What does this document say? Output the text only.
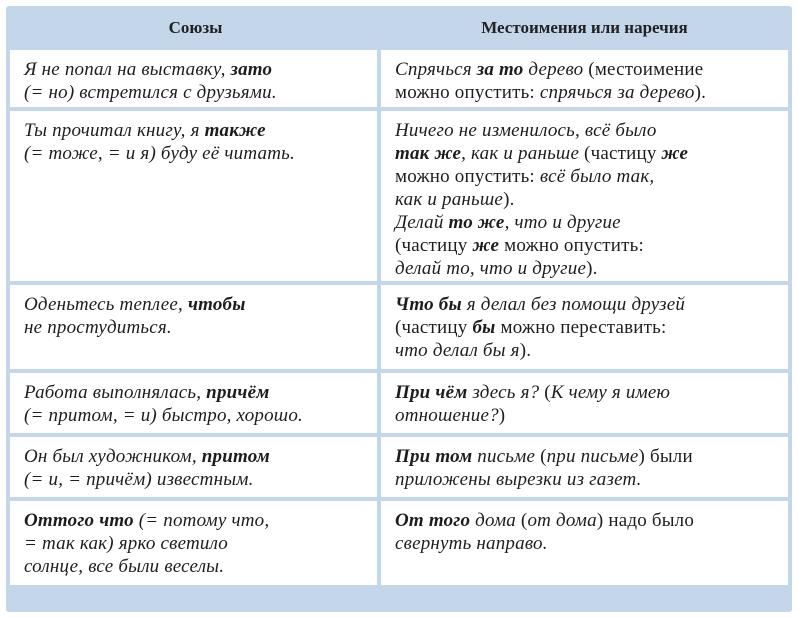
Союзы	Местоимения или наречия
Я не попал на выставку, зато
(= но) встретился с друзьями.
Спрячься за то дерево (местоимение
можно опустить: спрячься за дерево).
Ты прочитал книгу, я также
(= тоже, = и я) буду её читать.
Ничего не изменилось, всё было
так же, как и раньше (частицу же
можно опустить: всё было так,
как и раньше).
Делай то же, что и другие
(частицу же можно опустить:
делай то, что и другие).
Оденьтесь теплее, чтобы
не простудиться.
Что бы я делал без помощи друзей
(частицу бы можно переставить:
что делал бы я).
Работа выполнялась, причём
(= притом, = и) быстро, хорошо.
При чём здесь я? (К чему я имею
отношение?)
Он был художником, притом
(= и, = причём) известным.
При том письме (при письме) были
приложены вырезки из газет.
Оттого что (= потому что,
= так как) ярко светило
солнце, все были веселы.
От того дома (от дома) надо было
свернуть направо.
